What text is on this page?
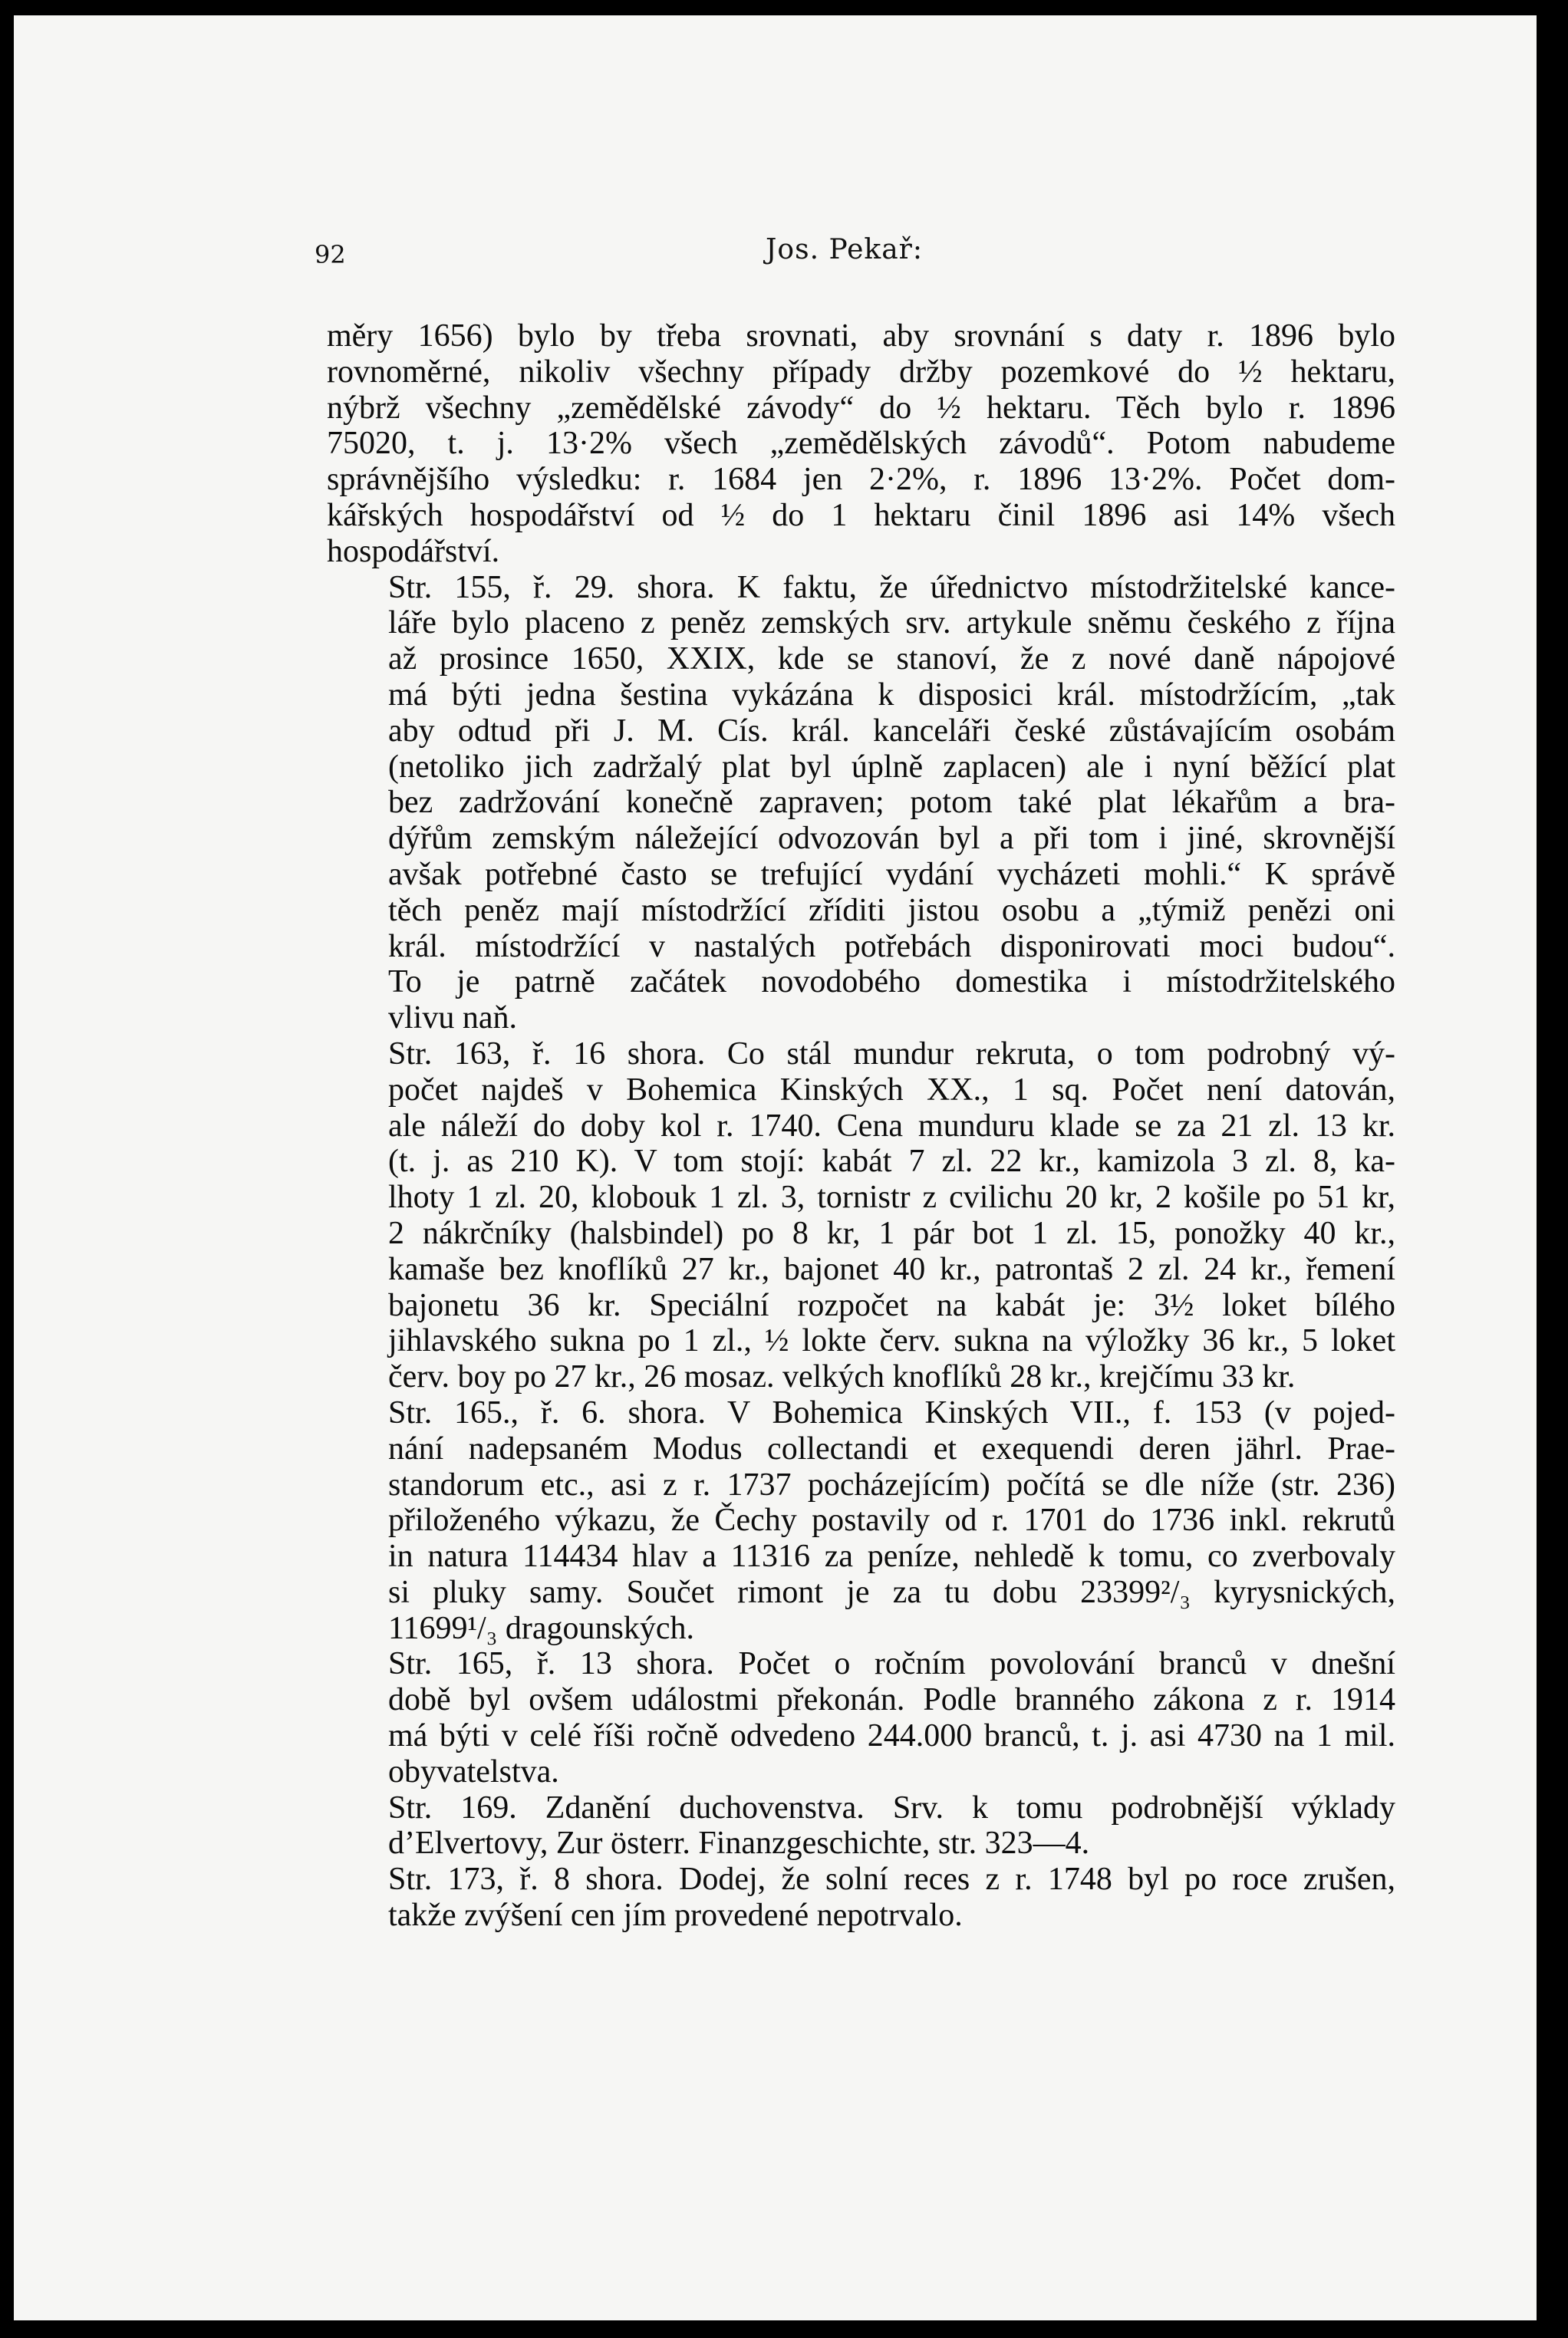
92	Jos. Pekař:

měry 1656) bylo by třeba srovnati, aby srovnání s daty r. 1896 bylo
rovnoměrné, nikoliv všechny případy držby pozemkové do ½ hektaru,
nýbrž všechny „zemědělské závody“ do ½ hektaru. Těch bylo r. 1896
75020, t. j. 13·2% všech „zemědělských závodů“. Potom nabudeme
správnějšího výsledku: r. 1684 jen 2·2%, r. 1896 13·2%. Počet dom-
kářských hospodářství od ½ do 1 hektaru činil 1896 asi 14% všech
hospodářství.

Str. 155, ř. 29. shora. K faktu, že úřednictvo místodržitelské kance-
láře bylo placeno z peněz zemských srv. artykule sněmu českého z října
až prosince 1650, XXIX, kde se stanoví, že z nové daně nápojové
má býti jedna šestina vykázána k disposici král. místodržícím, „tak
aby odtud při J. M. Cís. král. kanceláři české zůstávajícím osobám
(netoliko jich zadržalý plat byl úplně zaplacen) ale i nyní běžící plat
bez zadržování konečně zapraven; potom také plat lékařům a bra-
dýřům zemským náležející odvozován byl a při tom i jiné, skrovnější
avšak potřebné často se trefující vydání vycházeti mohli.“ K správě
těch peněz mají místodržící zříditi jistou osobu a „týmiž penězi oni
král. místodržící v nastalých potřebách disponirovati moci budou“.
To je patrně začátek novodobého domestika i místodržitelského
vlivu naň.

Str. 163, ř. 16 shora. Co stál mundur rekruta, o tom podrobný vý-
počet najdeš v Bohemica Kinských XX., 1 sq. Počet není datován,
ale náleží do doby kol r. 1740. Cena munduru klade se za 21 zl. 13 kr.
(t. j. as 210 K). V tom stojí: kabát 7 zl. 22 kr., kamizola 3 zl. 8, ka-
lhoty 1 zl. 20, klobouk 1 zl. 3, tornistr z cvilichu 20 kr, 2 košile po 51 kr,
2 nákrčníky (halsbindel) po 8 kr, 1 pár bot 1 zl. 15, ponožky 40 kr.,
kamaše bez knoflíků 27 kr., bajonet 40 kr., patrontaš 2 zl. 24 kr., řemení
bajonetu 36 kr. Speciální rozpočet na kabát je: 3½ loket bílého
jihlavského sukna po 1 zl., ½ lokte červ. sukna na výložky 36 kr., 5 loket
červ. boy po 27 kr., 26 mosaz. velkých knoflíků 28 kr., krejčímu 33 kr.

Str. 165., ř. 6. shora. V Bohemica Kinských VII., f. 153 (v pojed-
nání nadepsaném Modus collectandi et exequendi deren jährl. Prae-
standorum etc., asi z r. 1737 pocházejícím) počítá se dle níže (str. 236)
přiloženého výkazu, že Čechy postavily od r. 1701 do 1736 inkl. rekrutů
in natura 114434 hlav a 11316 za peníze, nehledě k tomu, co zverbovaly
si pluky samy. Součet rimont je za tu dobu 23399²/₃ kyrysnických,
11699¹/₃ dragounských.

Str. 165, ř. 13 shora. Počet o ročním povolování branců v dnešní
době byl ovšem událostmi překonán. Podle branného zákona z r. 1914
má býti v celé říši ročně odvedeno 244.000 branců, t. j. asi 4730 na 1 mil.
obyvatelstva.

Str. 169. Zdanění duchovenstva. Srv. k tomu podrobnější výklady
d’Elvertovy, Zur österr. Finanzgeschichte, str. 323—4.

Str. 173, ř. 8 shora. Dodej, že solní reces z r. 1748 byl po roce zrušen,
takže zvýšení cen jím provedené nepotrvalo.
